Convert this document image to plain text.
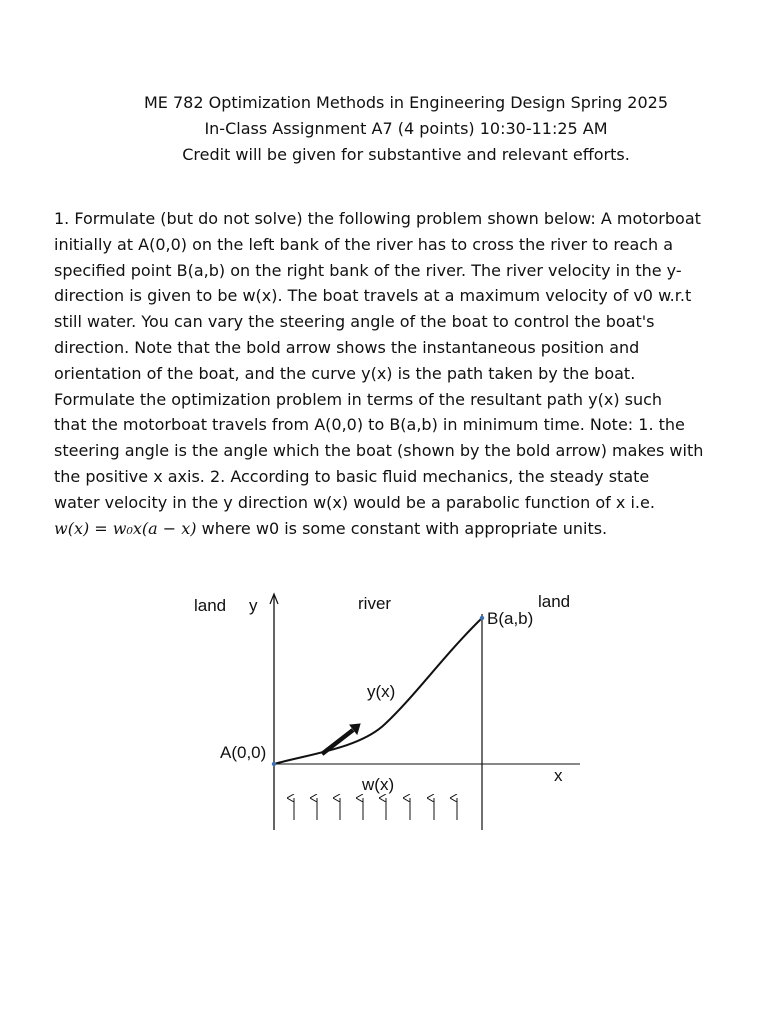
ME 782 Optimization Methods in Engineering Design Spring 2025
In-Class Assignment A7 (4 points) 10:30-11:25 AM
Credit will be given for substantive and relevant efforts.
1. Formulate (but do not solve) the following problem shown below: A motorboat
initially at A(0,0) on the left bank of the river has to cross the river to reach a
specified point B(a,b) on the right bank of the river. The river velocity in the y-
direction is given to be w(x). The boat travels at a maximum velocity of v0 w.r.t
still water. You can vary the steering angle of the boat to control the boat's
direction. Note that the bold arrow shows the instantaneous position and
orientation of the boat, and the curve y(x) is the path taken by the boat.
Formulate the optimization problem in terms of the resultant path y(x) such
that the motorboat travels from A(0,0) to B(a,b) in minimum time. Note: 1. the
steering angle is the angle which the boat (shown by the bold arrow) makes with
the positive x axis. 2. According to basic fluid mechanics, the steady state
water velocity in the y direction w(x) would be a parabolic function of x i.e.
w(x) = w₀x(a − x) where w0 is some constant with appropriate units.
land y	river	land
B(a,b)
y(x)
A(0,0)
w(x)	x
